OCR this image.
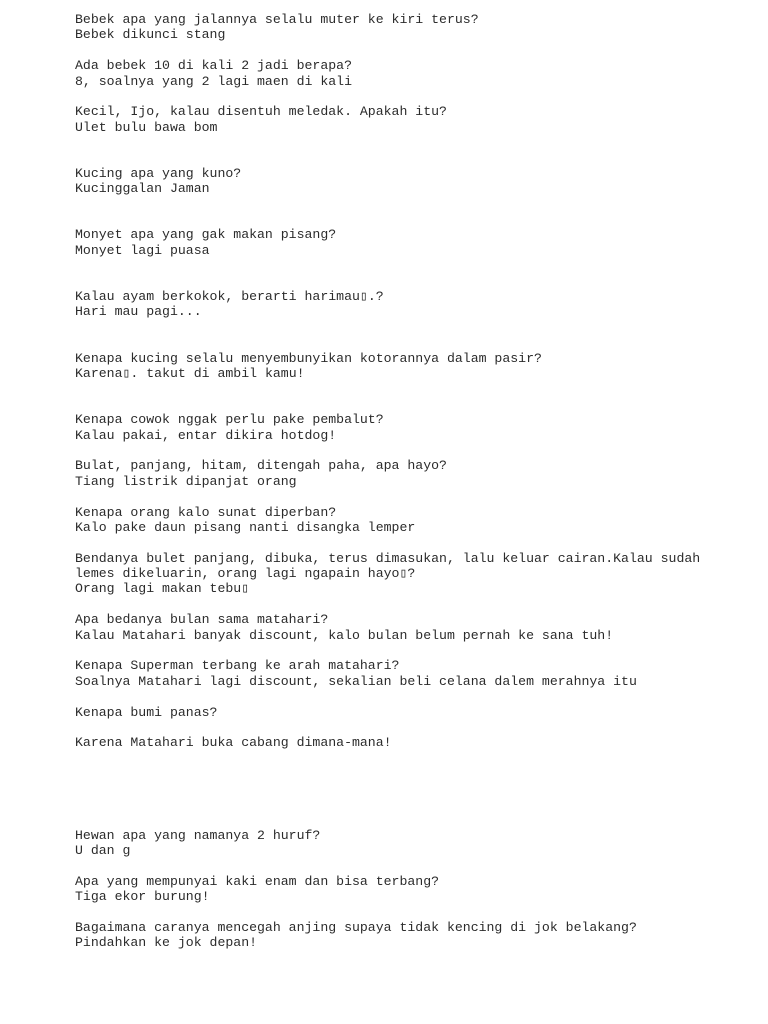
Bebek apa yang jalannya selalu muter ke kiri terus?
Bebek dikunci stang
Ada bebek 10 di kali 2 jadi berapa?
8, soalnya yang 2 lagi maen di kali
Kecil, Ijo, kalau disentuh meledak. Apakah itu?
Ulet bulu bawa bom
Kucing apa yang kuno?
Kucinggalan Jaman
Monyet apa yang gak makan pisang?
Monyet lagi puasa
Kalau ayam berkokok, berarti harimau▯.?
Hari mau pagi...
Kenapa kucing selalu menyembunyikan kotorannya dalam pasir?
Karena▯. takut di ambil kamu!
Kenapa cowok nggak perlu pake pembalut?
Kalau pakai, entar dikira hotdog!
Bulat, panjang, hitam, ditengah paha, apa hayo?
Tiang listrik dipanjat orang
Kenapa orang kalo sunat diperban?
Kalo pake daun pisang nanti disangka lemper
Bendanya bulet panjang, dibuka, terus dimasukan, lalu keluar cairan.Kalau sudah
lemes dikeluarin, orang lagi ngapain hayo▯?
Orang lagi makan tebu▯
Apa bedanya bulan sama matahari?
Kalau Matahari banyak discount, kalo bulan belum pernah ke sana tuh!
Kenapa Superman terbang ke arah matahari?
Soalnya Matahari lagi discount, sekalian beli celana dalem merahnya itu
Kenapa bumi panas?
Karena Matahari buka cabang dimana-mana!
Hewan apa yang namanya 2 huruf?
U dan g
Apa yang mempunyai kaki enam dan bisa terbang?
Tiga ekor burung!
Bagaimana caranya mencegah anjing supaya tidak kencing di jok belakang?
Pindahkan ke jok depan!
